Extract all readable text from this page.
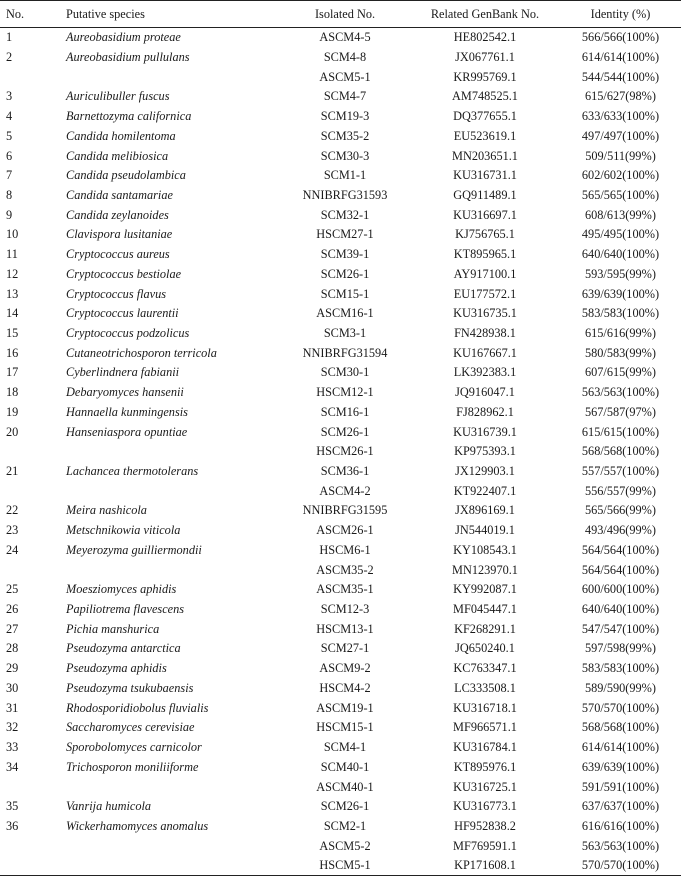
No.	Putative species	Isolated No.	Related GenBank No.	Identity (%)
1	Aureobasidium proteae	ASCM4-5	HE802542.1	566/566(100%)
2	Aureobasidium pullulans	SCM4-8	JX067761.1	614/614(100%)
		ASCM5-1	KR995769.1	544/544(100%)
3	Auriculibuller fuscus	SCM4-7	AM748525.1	615/627(98%)
4	Barnettozyma californica	SCM19-3	DQ377655.1	633/633(100%)
5	Candida homilentoma	SCM35-2	EU523619.1	497/497(100%)
6	Candida melibiosica	SCM30-3	MN203651.1	509/511(99%)
7	Candida pseudolambica	SCM1-1	KU316731.1	602/602(100%)
8	Candida santamariae	NNIBRFG31593	GQ911489.1	565/565(100%)
9	Candida zeylanoides	SCM32-1	KU316697.1	608/613(99%)
10	Clavispora lusitaniae	HSCM27-1	KJ756765.1	495/495(100%)
11	Cryptococcus aureus	SCM39-1	KT895965.1	640/640(100%)
12	Cryptococcus bestiolae	SCM26-1	AY917100.1	593/595(99%)
13	Cryptococcus flavus	SCM15-1	EU177572.1	639/639(100%)
14	Cryptococcus laurentii	ASCM16-1	KU316735.1	583/583(100%)
15	Cryptococcus podzolicus	SCM3-1	FN428938.1	615/616(99%)
16	Cutaneotrichosporon terricola	NNIBRFG31594	KU167667.1	580/583(99%)
17	Cyberlindnera fabianii	SCM30-1	LK392383.1	607/615(99%)
18	Debaryomyces hansenii	HSCM12-1	JQ916047.1	563/563(100%)
19	Hannaella kunmingensis	SCM16-1	FJ828962.1	567/587(97%)
20	Hanseniaspora opuntiae	SCM26-1	KU316739.1	615/615(100%)
		HSCM26-1	KP975393.1	568/568(100%)
21	Lachancea thermotolerans	SCM36-1	JX129903.1	557/557(100%)
		ASCM4-2	KT922407.1	556/557(99%)
22	Meira nashicola	NNIBRFG31595	JX896169.1	565/566(99%)
23	Metschnikowia viticola	ASCM26-1	JN544019.1	493/496(99%)
24	Meyerozyma guilliermondii	HSCM6-1	KY108543.1	564/564(100%)
		ASCM35-2	MN123970.1	564/564(100%)
25	Moesziomyces aphidis	ASCM35-1	KY992087.1	600/600(100%)
26	Papiliotrema flavescens	SCM12-3	MF045447.1	640/640(100%)
27	Pichia manshurica	HSCM13-1	KF268291.1	547/547(100%)
28	Pseudozyma antarctica	SCM27-1	JQ650240.1	597/598(99%)
29	Pseudozyma aphidis	ASCM9-2	KC763347.1	583/583(100%)
30	Pseudozyma tsukubaensis	HSCM4-2	LC333508.1	589/590(99%)
31	Rhodosporidiobolus fluvialis	ASCM19-1	KU316718.1	570/570(100%)
32	Saccharomyces cerevisiae	HSCM15-1	MF966571.1	568/568(100%)
33	Sporobolomyces carnicolor	SCM4-1	KU316784.1	614/614(100%)
34	Trichosporon moniliiforme	SCM40-1	KT895976.1	639/639(100%)
		ASCM40-1	KU316725.1	591/591(100%)
35	Vanrija humicola	SCM26-1	KU316773.1	637/637(100%)
36	Wickerhamomyces anomalus	SCM2-1	HF952838.2	616/616(100%)
		ASCM5-2	MF769591.1	563/563(100%)
		HSCM5-1	KP171608.1	570/570(100%)
